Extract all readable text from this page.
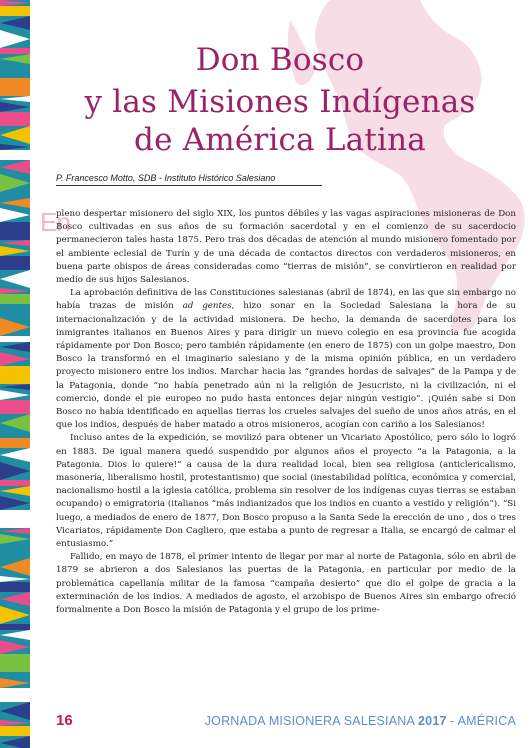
Don Bosco
y las Misiones Indígenas
de América Latina
P. Francesco Motto, SDB - Instituto Histórico Salesiano
En

pleno despertar misionero del siglo XIX, los puntos débiles y las vagas aspiraciones misioneras de Don Bosco cultivadas en sus años de su formación sacerdotal y en el comienzo de su sacerdocio permanecieron tales hasta 1875. Pero tras dos décadas de atención al mundo misionero fomentado por el ambiente eclesial de Turín y de una década de contactos directos con verdaderos misioneros, en buena parte obispos de áreas consideradas como “tierras de misión”, se convirtieron en realidad por medio de sus hijos Salesianos.

La aprobación definitiva de las Constituciones salesianas (abril de 1874), en las que sin embargo no había trazas de misión ad gentes, hizo sonar en la Sociedad Salesiana la hora de su internacionalización y de la actividad misionera. De hecho, la demanda de sacerdotes para los inmigrantes italianos en Buenos Aires y para dirigir un nuevo colegio en esa provincia fue acogida rápidamente por Don Bosco; pero también rápidamente (en enero de 1875) con un golpe maestro, Don Bosco la transformó en el imaginario salesiano y de la misma opinión pública, en un verdadero proyecto misionero entre los indios. Marchar hacia las “grandes hordas de salvajes” de la Pampa y de la Patagonia, donde “no había penetrado aún ni la religión de Jesucristo, ni la civilización, ni el comercio, donde el pie europeo no pudo hasta entonces dejar ningún vestigio”. ¡Quién sabe si Don Bosco no había identificado en aquellas tierras los crueles salvajes del sueño de unos años atrás, en el que los indios, después de haber matado a otros misioneros, acogían con cariño a los Salesianos!

Incluso antes de la expedición, se movilizó para obtener un Vicariato Apostólico, pero sólo lo logró en 1883. De igual manera quedó suspendido por algunos años el proyecto “a la Patagonia, a la Patagonia. Dios lo quiere!” a causa de la dura realidad local, bien sea religiosa (anticlericalismo, masonería, liberalismo hostil, protestantismo) que social (inestabilidad política, económica y comercial, nacionalismo hostil a la iglesia católica, problema sin resolver de los indígenas cuyas tierras se estaban ocupando) o emigratoria (italianos “más indianizados que los indios en cuanto a vestido y religión”). “Si luego, a mediados de enero de 1877, Don Bosco propuso a la Santa Sede la erección de uno , dos o tres Vicariatos, rápidamente Don Cagliero, que estaba a punto de regresar a Italia, se encargó de calmar el entusiasmo.”

Fallido, en mayo de 1878, el primer intento de llegar por mar al norte de Patagonia, sólo en abril de 1879 se abrieron a dos Salesianos las puertas de la Patagonia, en particular por medio de la problemática capellanía militar de la famosa “campaña desierto” que dio el golpe de gracia a la exterminación de los indios. A mediados de agosto, el arzobispo de Buenos Aires sin embargo ofreció formalmente a Don Bosco la misión de Patagonia y el grupo de los prime-

16	JORNADA MISIONERA SALESIANA 2017 - AMÉRICA
